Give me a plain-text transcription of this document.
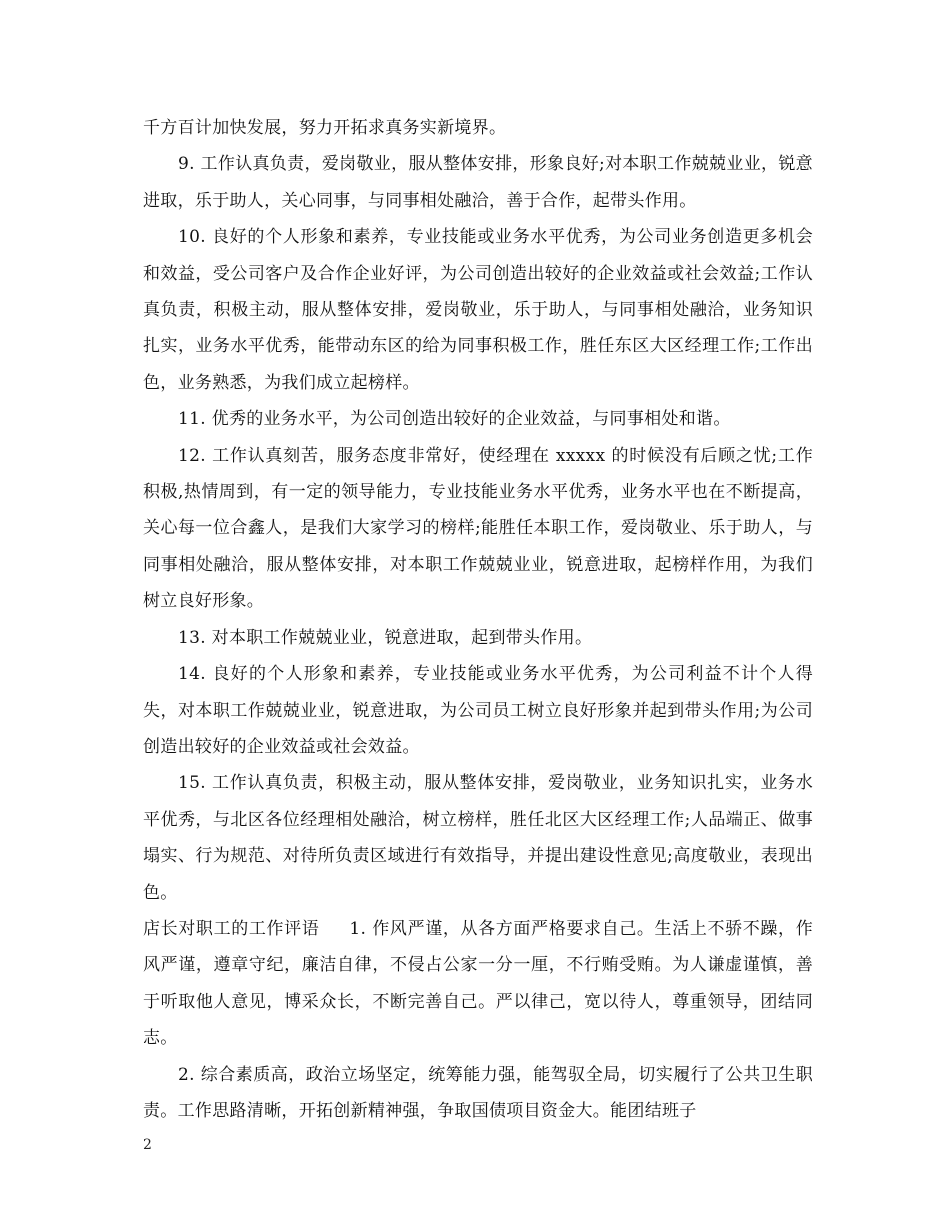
千方百计加快发展，努力开拓求真务实新境界。

9. 工作认真负责，爱岗敬业，服从整体安排，形象良好;对本职工作兢兢业业，锐意进取，乐于助人，关心同事，与同事相处融洽，善于合作，起带头作用。

10. 良好的个人形象和素养，专业技能或业务水平优秀，为公司业务创造更多机会和效益，受公司客户及合作企业好评，为公司创造出较好的企业效益或社会效益;工作认真负责，积极主动，服从整体安排，爱岗敬业，乐于助人，与同事相处融洽，业务知识扎实，业务水平优秀，能带动东区的给为同事积极工作，胜任东区大区经理工作;工作出色，业务熟悉，为我们成立起榜样。

11. 优秀的业务水平，为公司创造出较好的企业效益，与同事相处和谐。

12. 工作认真刻苦，服务态度非常好，使经理在 xxxxx 的时候没有后顾之忧;工作积极,热情周到，有一定的领导能力，专业技能业务水平优秀，业务水平也在不断提高，关心每一位合鑫人，是我们大家学习的榜样;能胜任本职工作，爱岗敬业、乐于助人，与同事相处融洽，服从整体安排，对本职工作兢兢业业，锐意进取，起榜样作用，为我们树立良好形象。

13. 对本职工作兢兢业业，锐意进取，起到带头作用。

14. 良好的个人形象和素养，专业技能或业务水平优秀，为公司利益不计个人得失，对本职工作兢兢业业，锐意进取，为公司员工树立良好形象并起到带头作用;为公司创造出较好的企业效益或社会效益。

15. 工作认真负责，积极主动，服从整体安排，爱岗敬业，业务知识扎实，业务水平优秀，与北区各位经理相处融洽，树立榜样，胜任北区大区经理工作;人品端正、做事塌实、行为规范、对待所负责区域进行有效指导，并提出建设性意见;高度敬业，表现出色。

店长对职工的工作评语 1. 作风严谨，从各方面严格要求自己。生活上不骄不躁，作风严谨，遵章守纪，廉洁自律，不侵占公家一分一厘，不行贿受贿。为人谦虚谨慎，善于听取他人意见，博采众长，不断完善自己。严以律己，宽以待人，尊重领导，团结同志。

2. 综合素质高，政治立场坚定，统筹能力强，能驾驭全局，切实履行了公共卫生职责。工作思路清晰，开拓创新精神强，争取国债项目资金大。能团结班子

2
